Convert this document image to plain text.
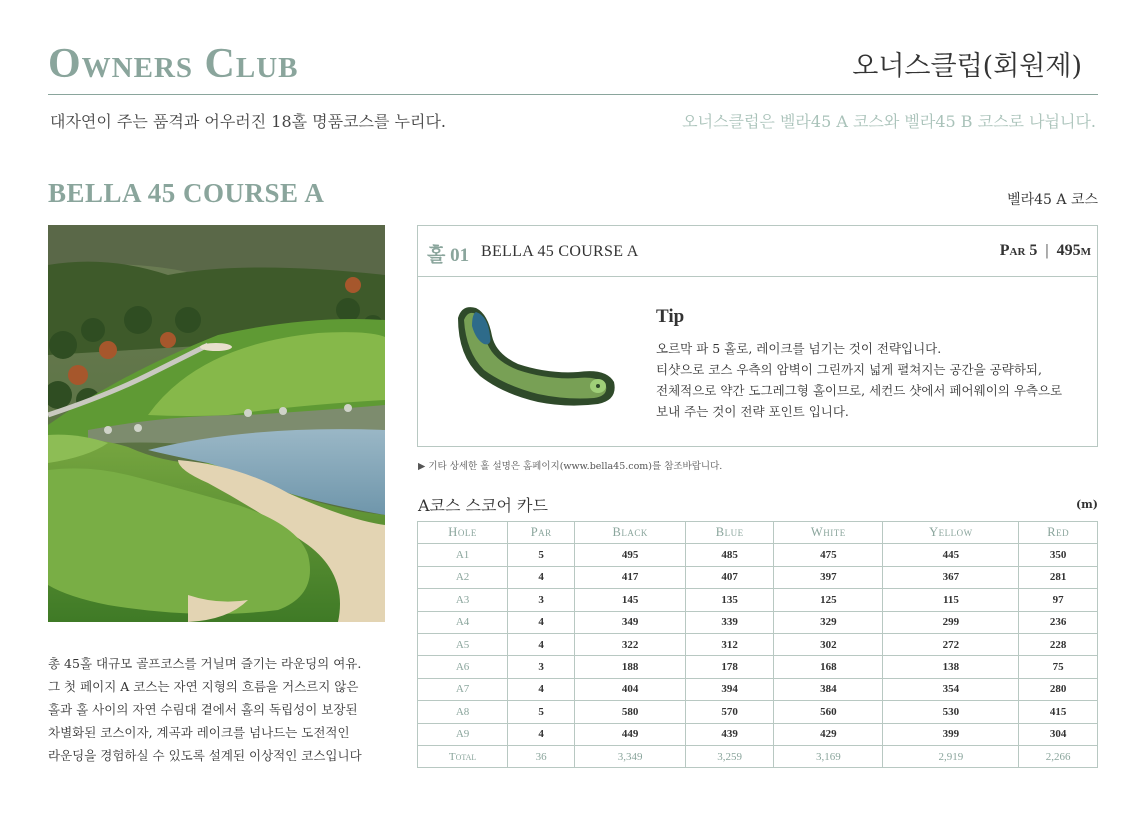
Owners Club	오너스클럽(회원제)
대자연이 주는 품격과 어우러진 18홀 명품코스를 누리다.	오너스클럽은 벨라45 A 코스와 벨라45 B 코스로 나뉩니다.
BELLA 45 COURSE A	벨라45 A 코스
총 45홀 대규모 골프코스를 거닐며 즐기는 라운딩의 여유.
그 첫 페이지 A 코스는 자연 지형의 흐름을 거스르지 않은
홀과 홀 사이의 자연 수림대 곁에서 홀의 독립성이 보장된
차별화된 코스이자, 계곡과 레이크를 넘나드는 도전적인
라운딩을 경험하실 수 있도록 설계된 이상적인 코스입니다
홀 01 BELLA 45 COURSE A	Par 5 | 495m
Tip
오르막 파 5 홀로, 레이크를 넘기는 것이 전략입니다.
티샷으로 코스 우측의 암벽이 그린까지 넓게 펼쳐지는 공간을 공략하되,
전체적으로 약간 도그레그형 홀이므로, 세컨드 샷에서 페어웨이의 우측으로
보내 주는 것이 전략 포인트 입니다.
▶ 기타 상세한 홀 설명은 홈페이지(www.bella45.com)를 참조바랍니다.
A코스 스코어 카드	(m)
Hole	Par	Black	Blue	White	Yellow	Red
A1	5	495	485	475	445	350
A2	4	417	407	397	367	281
A3	3	145	135	125	115	97
A4	4	349	339	329	299	236
A5	4	322	312	302	272	228
A6	3	188	178	168	138	75
A7	4	404	394	384	354	280
A8	5	580	570	560	530	415
A9	4	449	439	429	399	304
Total	36	3,349	3,259	3,169	2,919	2,266
